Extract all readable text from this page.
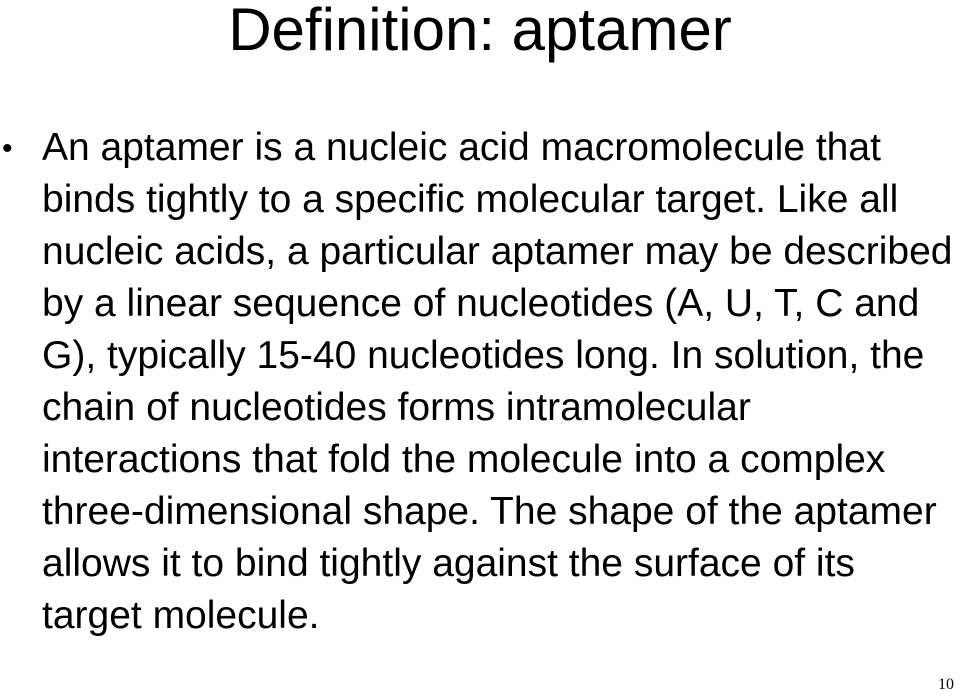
Definition: aptamer
• An aptamer is a nucleic acid macromolecule that binds tightly to a specific molecular target. Like all nucleic acids, a particular aptamer may be described by a linear sequence of nucleotides (A, U, T, C and G), typically 15-40 nucleotides long. In solution, the chain of nucleotides forms intramolecular interactions that fold the molecule into a complex three-dimensional shape. The shape of the aptamer allows it to bind tightly against the surface of its target molecule.
10
